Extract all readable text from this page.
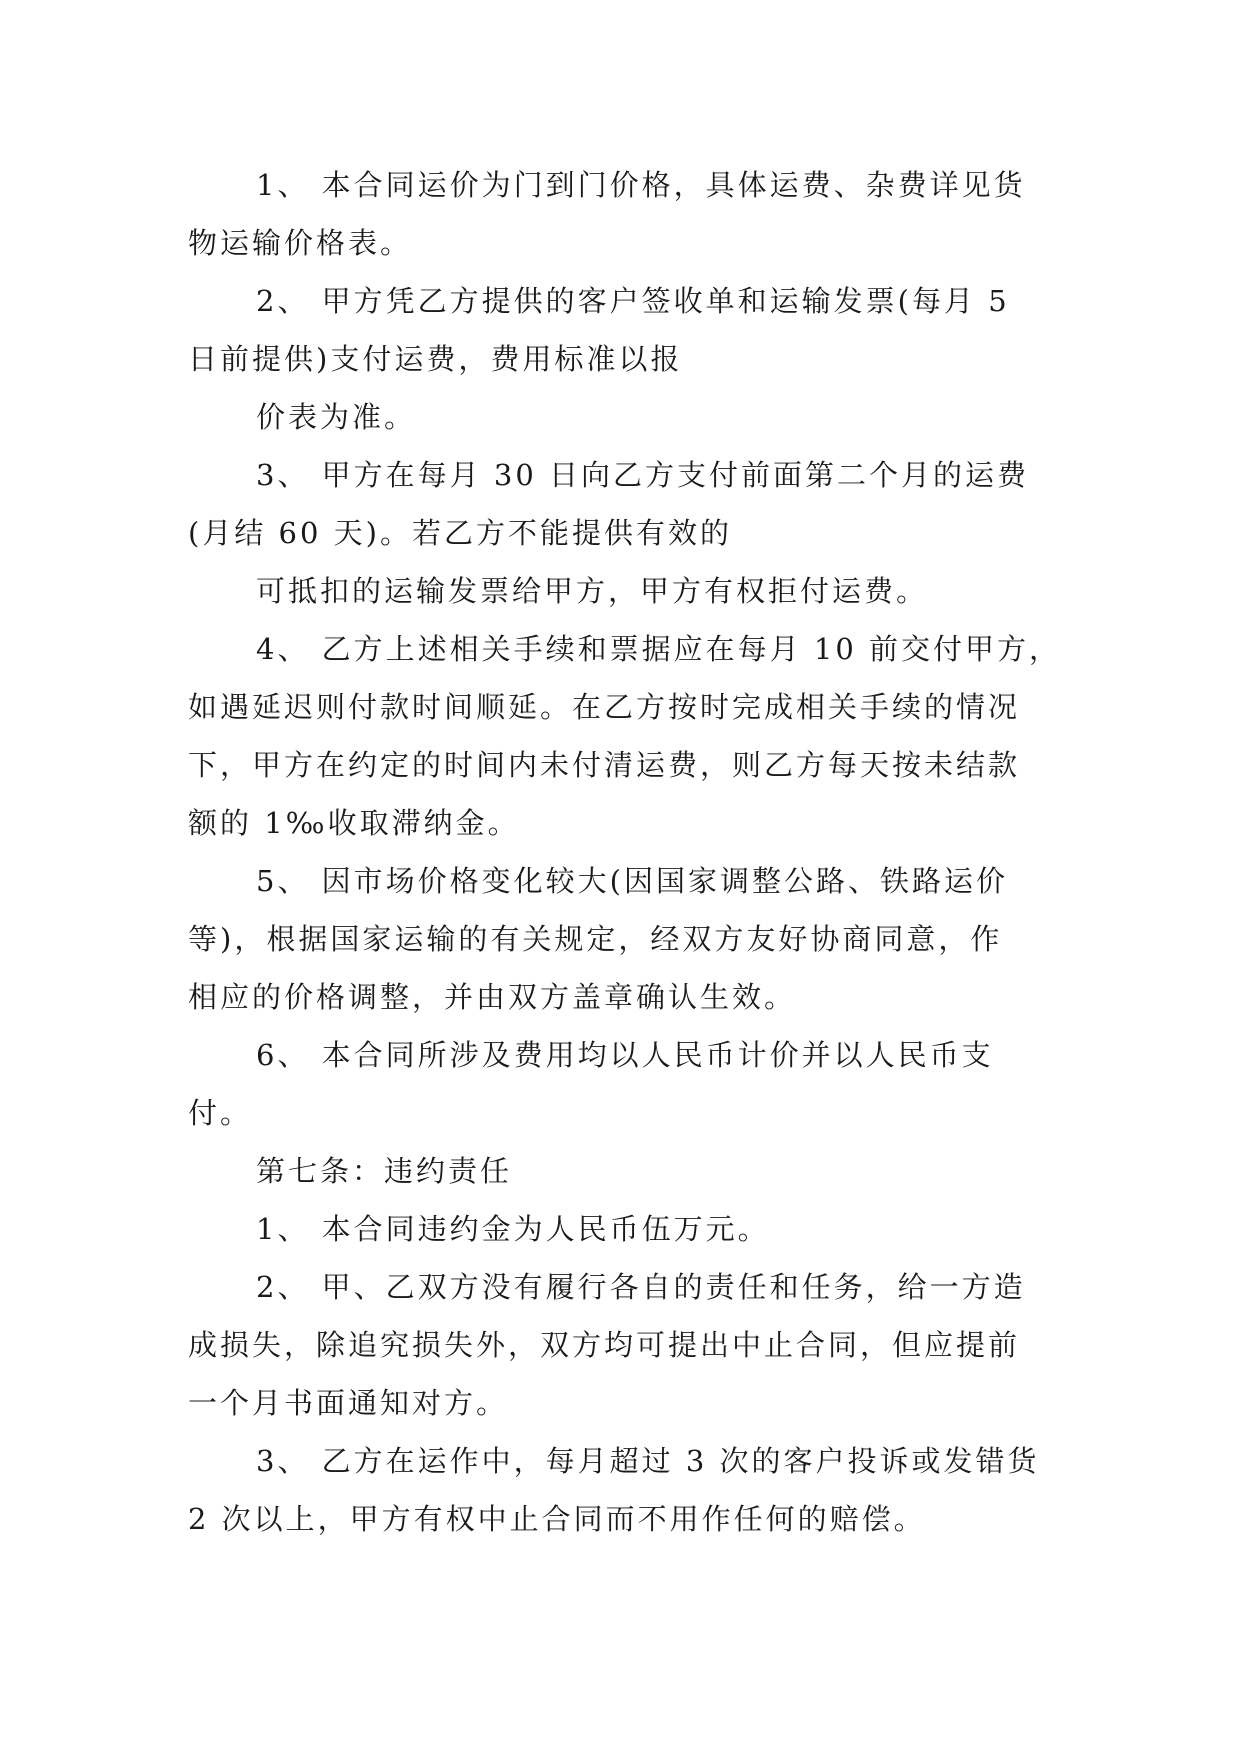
1、 本合同运价为门到门价格，具体运费、杂费详见货
物运输价格表。
2、 甲方凭乙方提供的客户签收单和运输发票(每月 5
日前提供)支付运费，费用标准以报
价表为准。
3、 甲方在每月 30 日向乙方支付前面第二个月的运费
(月结 60 天)。若乙方不能提供有效的
可抵扣的运输发票给甲方，甲方有权拒付运费。
4、 乙方上述相关手续和票据应在每月 10 前交付甲方，
如遇延迟则付款时间顺延。在乙方按时完成相关手续的情况
下，甲方在约定的时间内未付清运费，则乙方每天按未结款
额的 1‰收取滞纳金。
5、 因市场价格变化较大(因国家调整公路、铁路运价
等)，根据国家运输的有关规定，经双方友好协商同意，作
相应的价格调整，并由双方盖章确认生效。
6、 本合同所涉及费用均以人民币计价并以人民币支
付。
第七条：违约责任
1、 本合同违约金为人民币伍万元。
2、 甲、乙双方没有履行各自的责任和任务，给一方造
成损失，除追究损失外，双方均可提出中止合同，但应提前
一个月书面通知对方。
3、 乙方在运作中，每月超过 3 次的客户投诉或发错货
2 次以上，甲方有权中止合同而不用作任何的赔偿。
